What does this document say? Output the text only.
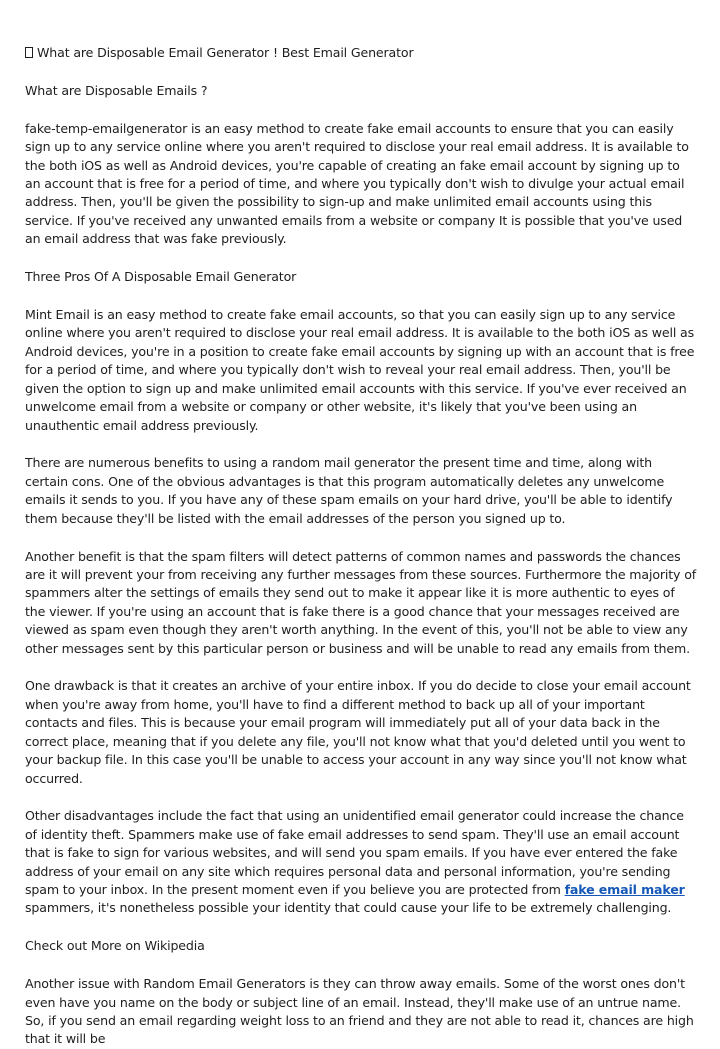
What are Disposable Email Generator ! Best Email Generator

What are Disposable Emails ?

fake-temp-emailgenerator is an easy method to create fake email accounts to ensure that you can easily sign up to any service online where you aren't required to disclose your real email address. It is available to the both iOS as well as Android devices, you're capable of creating an fake email account by signing up to an account that is free for a period of time, and where you typically don't wish to divulge your actual email address. Then, you'll be given the possibility to sign-up and make unlimited email accounts using this service. If you've received any unwanted emails from a website or company It is possible that you've used an email address that was fake previously.

Three Pros Of A Disposable Email Generator

Mint Email is an easy method to create fake email accounts, so that you can easily sign up to any service online where you aren't required to disclose your real email address. It is available to the both iOS as well as Android devices, you're in a position to create fake email accounts by signing up with an account that is free for a period of time, and where you typically don't wish to reveal your real email address. Then, you'll be given the option to sign up and make unlimited email accounts with this service. If you've ever received an unwelcome email from a website or company or other website, it's likely that you've been using an unauthentic email address previously.

There are numerous benefits to using a random mail generator the present time and time, along with certain cons. One of the obvious advantages is that this program automatically deletes any unwelcome emails it sends to you. If you have any of these spam emails on your hard drive, you'll be able to identify them because they'll be listed with the email addresses of the person you signed up to.

Another benefit is that the spam filters will detect patterns of common names and passwords the chances are it will prevent your from receiving any further messages from these sources. Furthermore the majority of spammers alter the settings of emails they send out to make it appear like it is more authentic to eyes of the viewer. If you're using an account that is fake there is a good chance that your messages received are viewed as spam even though they aren't worth anything. In the event of this, you'll not be able to view any other messages sent by this particular person or business and will be unable to read any emails from them.

One drawback is that it creates an archive of your entire inbox. If you do decide to close your email account when you're away from home, you'll have to find a different method to back up all of your important contacts and files. This is because your email program will immediately put all of your data back in the correct place, meaning that if you delete any file, you'll not know what that you'd deleted until you went to your backup file. In this case you'll be unable to access your account in any way since you'll not know what occurred.

Other disadvantages include the fact that using an unidentified email generator could increase the chance of identity theft. Spammers make use of fake email addresses to send spam. They'll use an email account that is fake to sign for various websites, and will send you spam emails. If you have ever entered the fake address of your email on any site which requires personal data and personal information, you're sending spam to your inbox. In the present moment even if you believe you are protected from fake email maker spammers, it's nonetheless possible your identity that could cause your life to be extremely challenging.

Check out More on Wikipedia

Another issue with Random Email Generators is they can throw away emails. Some of the worst ones don't even have you name on the body or subject line of an email. Instead, they'll make use of an untrue name. So, if you send an email regarding weight loss to an friend and they are not able to read it, chances are high that it will be
